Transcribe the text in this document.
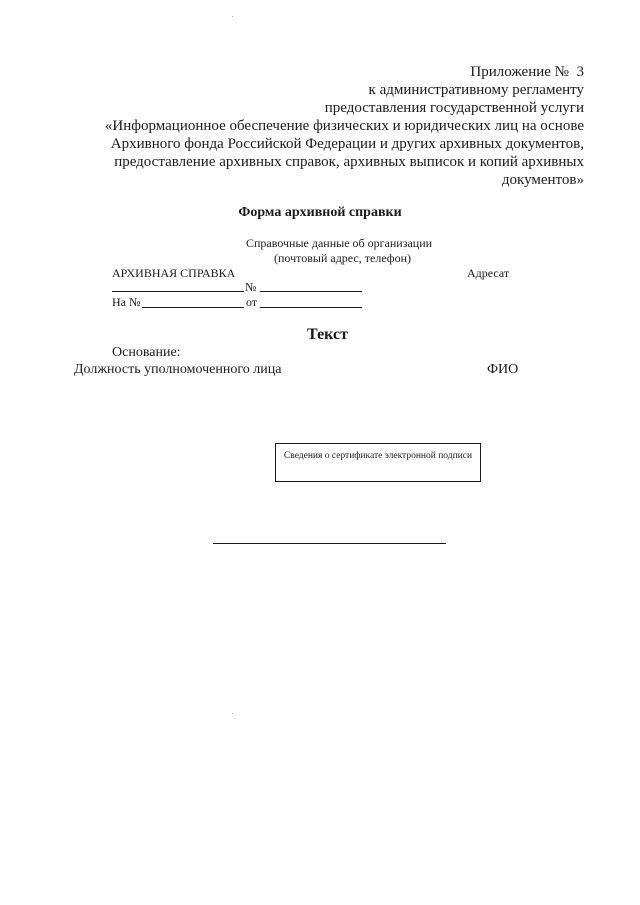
Приложение № 3
к административному регламенту
предоставления государственной услуги
«Информационное обеспечение физических и юридических лиц на основе
Архивного фонда Российской Федерации и других архивных документов,
предоставление архивных справок, архивных выписок и копий архивных
документов»
Форма архивной справки
Справочные данные об организации
(почтовый адрес, телефон)
АРХИВНАЯ СПРАВКА	Адресат
№
На №	от
Текст
Основание:
Должность уполномоченного лица	ФИО
Сведения о сертификате электронной подписи
